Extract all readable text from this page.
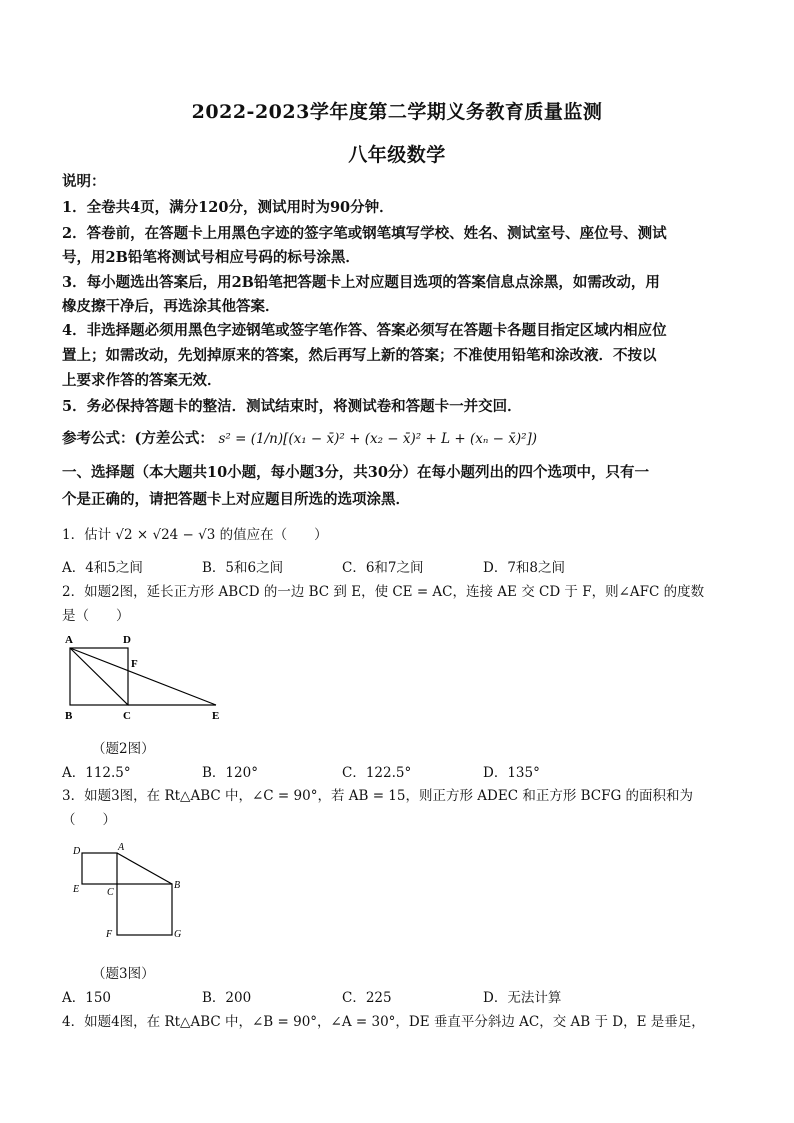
2022-2023学年度第二学期义务教育质量监测
八年级数学
说明：
1．全卷共4页，满分120分，测试用时为90分钟．
2．答卷前，在答题卡上用黑色字迹的签字笔或钢笔填写学校、姓名、测试室号、座位号、测试
号，用2B铅笔将测试号相应号码的标号涂黑．
3．每小题选出答案后，用2B铅笔把答题卡上对应题目选项的答案信息点涂黑，如需改动，用
橡皮擦干净后，再选涂其他答案．
4．非选择题必须用黑色字迹钢笔或签字笔作答、答案必须写在答题卡各题目指定区域内相应位
置上；如需改动，先划掉原来的答案，然后再写上新的答案；不准使用铅笔和涂改液．不按以
上要求作答的答案无效．
5．务必保持答题卡的整洁．测试结束时，将测试卷和答题卡一并交回．
参考公式：(方差公式： s² = (1/n)[(x₁ − x̄)² + (x₂ − x̄)² + L + (xₙ − x̄)²])
一、选择题（本大题共10小题，每小题3分，共30分）在每小题列出的四个选项中，只有一
个是正确的，请把答题卡上对应题目所选的选项涂黑．
1．估计 √2 × √24 − √3 的值应在（　　）
A．4和5之间	B．5和6之间	C．6和7之间	D．7和8之间
2．如题2图，延长正方形 ABCD 的一边 BC 到 E，使 CE = AC，连接 AE 交 CD 于 F，则∠AFC 的度数
是（　　）
A	D
F
B	C	E
（题2图）
A．112.5°	B．120°	C．122.5°	D．135°
3．如题3图，在 Rt△ABC 中，∠C = 90°，若 AB = 15，则正方形 ADEC 和正方形 BCFG 的面积和为
（　　）
D	A
E	C
B
F	G
（题3图）
A．150	B．200	C．225	D．无法计算
4．如题4图，在 Rt△ABC 中，∠B = 90°，∠A = 30°，DE 垂直平分斜边 AC，交 AB 于 D，E 是垂足，
